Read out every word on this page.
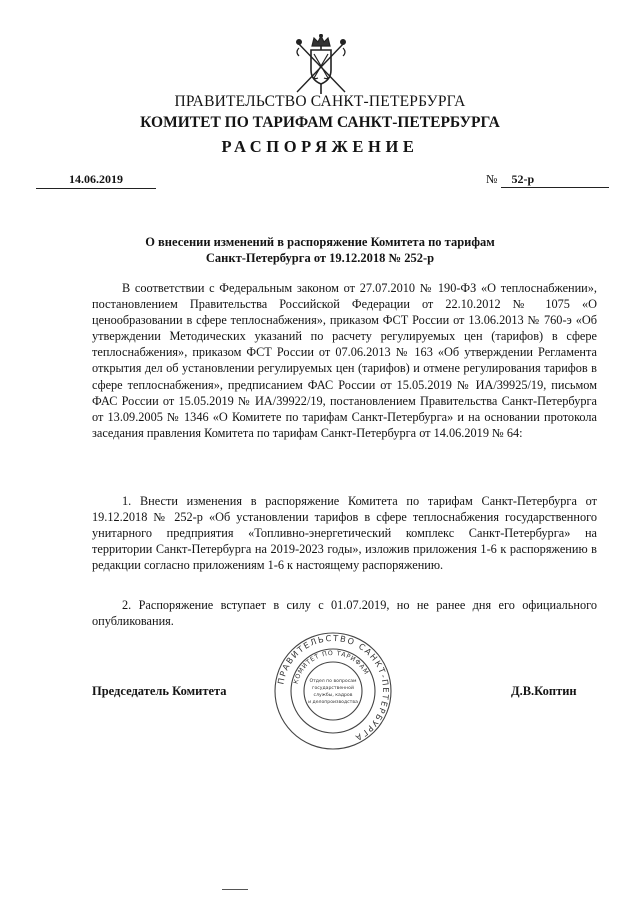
ПРАВИТЕЛЬСТВО САНКТ-ПЕТЕРБУРГА
КОМИТЕТ ПО ТАРИФАМ САНКТ-ПЕТЕРБУРГА
РАСПОРЯЖЕНИЕ
14.06.2019	№ 52-р
О внесении изменений в распоряжение Комитета по тарифам
Санкт-Петербурга от 19.12.2018 № 252-р
В соответствии с Федеральным законом от 27.07.2010 № 190-ФЗ «О теплоснабжении», постановлением Правительства Российской Федерации от 22.10.2012 № 1075 «О ценообразовании в сфере теплоснабжения», приказом ФСТ России от 13.06.2013 № 760-э «Об утверждении Методических указаний по расчету регулируемых цен (тарифов) в сфере теплоснабжения», приказом ФСТ России от 07.06.2013 № 163 «Об утверждении Регламента открытия дел об установлении регулируемых цен (тарифов) и отмене регулирования тарифов в сфере теплоснабжения», предписанием ФАС России от 15.05.2019 № ИА/39925/19, письмом ФАС России от 15.05.2019 № ИА/39922/19, постановлением Правительства Санкт-Петербурга от 13.09.2005 № 1346 «О Комитете по тарифам Санкт-Петербурга» и на основании протокола заседания правления Комитета по тарифам Санкт-Петербурга от 14.06.2019 № 64:
1. Внести изменения в распоряжение Комитета по тарифам Санкт-Петербурга от 19.12.2018 № 252-р «Об установлении тарифов в сфере теплоснабжения государственного унитарного предприятия «Топливно-энергетический комплекс Санкт-Петербурга» на территории Санкт-Петербурга на 2019-2023 годы», изложив приложения 1-6 к распоряжению в редакции согласно приложениям 1-6 к настоящему распоряжению.
2. Распоряжение вступает в силу с 01.07.2019, но не ранее дня его официального опубликования.
Председатель Комитета	Д.В.Коптин
ПРАВИТЕЛЬСТВО САНКТ-ПЕТЕРБУРГА
КОМИТЕТ ПО ТАРИФАМ
Отдел по вопросам
государственной
службы, кадров
и делопроизводства
